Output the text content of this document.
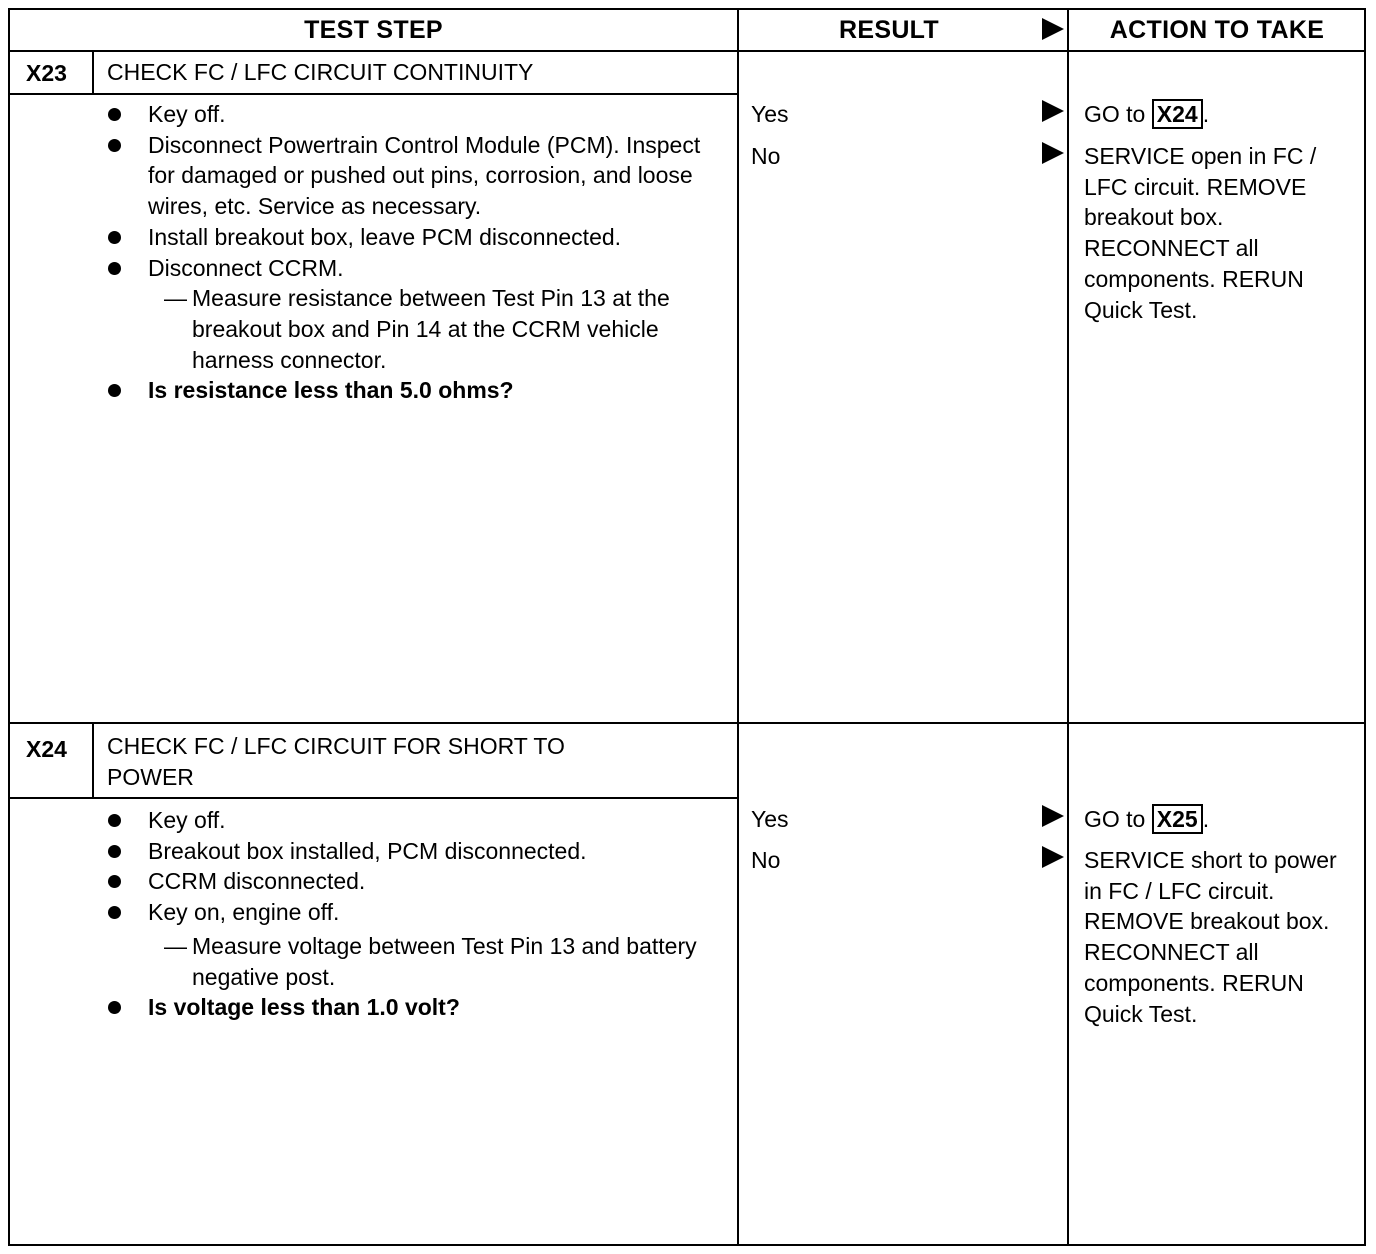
TEST STEP	RESULT	ACTION TO TAKE
X23 CHECK FC / LFC CIRCUIT CONTINUITY
Key off.
Disconnect Powertrain Control Module (PCM). Inspect for damaged or pushed out pins, corrosion, and loose wires, etc. Service as necessary.
Install breakout box, leave PCM disconnected.
Disconnect CCRM.
— Measure resistance between Test Pin 13 at the breakout box and Pin 14 at the CCRM vehicle harness connector.
Is resistance less than 5.0 ohms?
Yes	GO to X24 .
No	SERVICE open in FC / LFC circuit. REMOVE breakout box. RECONNECT all components. RERUN Quick Test.
X24 CHECK FC / LFC CIRCUIT FOR SHORT TO POWER
Key off.
Breakout box installed, PCM disconnected.
CCRM disconnected.
Key on, engine off.
— Measure voltage between Test Pin 13 and battery negative post.
Is voltage less than 1.0 volt?
Yes	GO to X25 .
No	SERVICE short to power in FC / LFC circuit. REMOVE breakout box. RECONNECT all components. RERUN Quick Test.
